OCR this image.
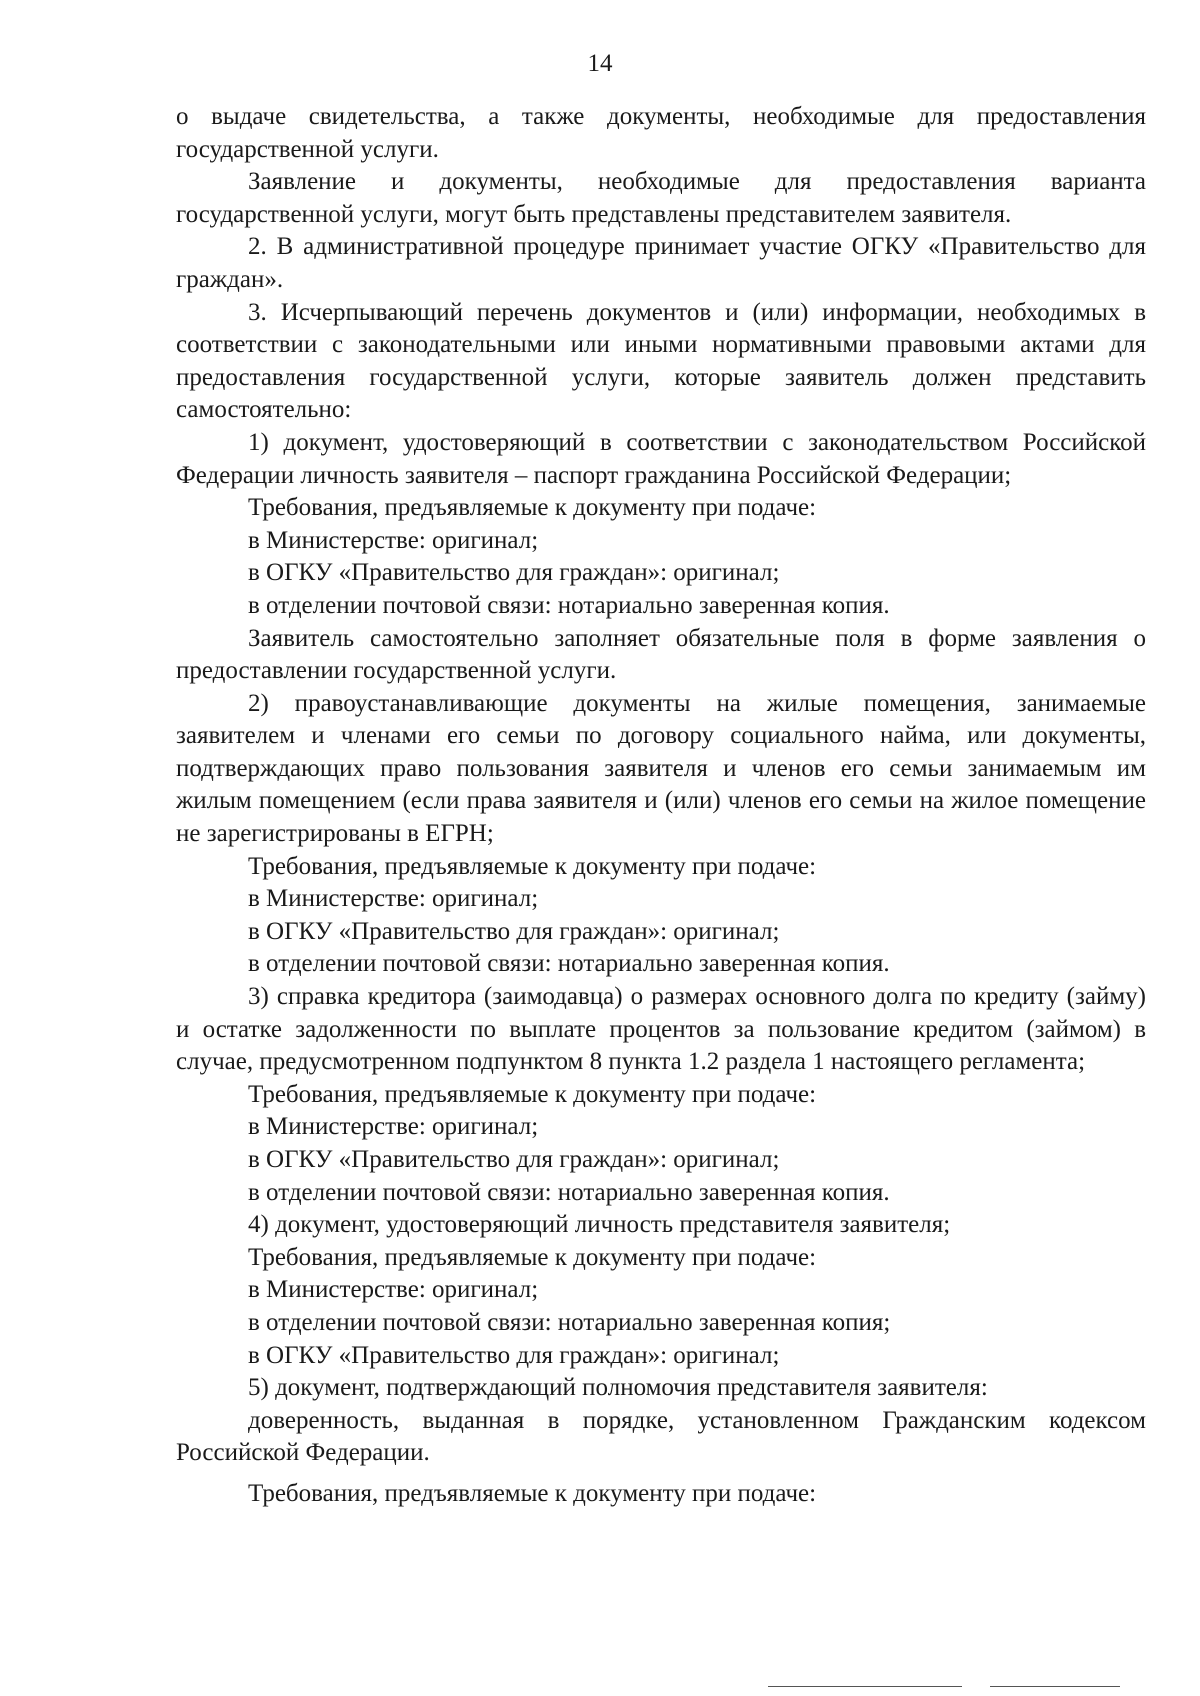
14

о выдаче свидетельства, а также документы, необходимые для предоставления государственной услуги.

Заявление и документы, необходимые для предоставления варианта государственной услуги, могут быть представлены представителем заявителя.

2. В административной процедуре принимает участие ОГКУ «Правительство для граждан».

3. Исчерпывающий перечень документов и (или) информации, необходимых в соответствии с законодательными или иными нормативными правовыми актами для предоставления государственной услуги, которые заявитель должен представить самостоятельно:

1) документ, удостоверяющий в соответствии с законодательством Российской Федерации личность заявителя – паспорт гражданина Российской Федерации;

Требования, предъявляемые к документу при подаче:

в Министерстве: оригинал;

в ОГКУ «Правительство для граждан»: оригинал;

в отделении почтовой связи: нотариально заверенная копия.

Заявитель самостоятельно заполняет обязательные поля в форме заявления о предоставлении государственной услуги.

2) правоустанавливающие документы на жилые помещения, занимаемые заявителем и членами его семьи по договору социального найма, или документы, подтверждающих право пользования заявителя и членов его семьи занимаемым им жилым помещением (если права заявителя и (или) членов его семьи на жилое помещение не зарегистрированы в ЕГРН;

Требования, предъявляемые к документу при подаче:

в Министерстве: оригинал;

в ОГКУ «Правительство для граждан»: оригинал;

в отделении почтовой связи: нотариально заверенная копия.

3) справка кредитора (заимодавца) о размерах основного долга по кредиту (займу) и остатке задолженности по выплате процентов за пользование кредитом (займом) в случае, предусмотренном подпунктом 8 пункта 1.2 раздела 1 настоящего регламента;

Требования, предъявляемые к документу при подаче:

в Министерстве: оригинал;

в ОГКУ «Правительство для граждан»: оригинал;

в отделении почтовой связи: нотариально заверенная копия.

4) документ, удостоверяющий личность представителя заявителя;

Требования, предъявляемые к документу при подаче:

в Министерстве: оригинал;

в отделении почтовой связи: нотариально заверенная копия;

в ОГКУ «Правительство для граждан»: оригинал;

5) документ, подтверждающий полномочия представителя заявителя:

доверенность, выданная в порядке, установленном Гражданским кодексом Российской Федерации.

Требования, предъявляемые к документу при подаче:
